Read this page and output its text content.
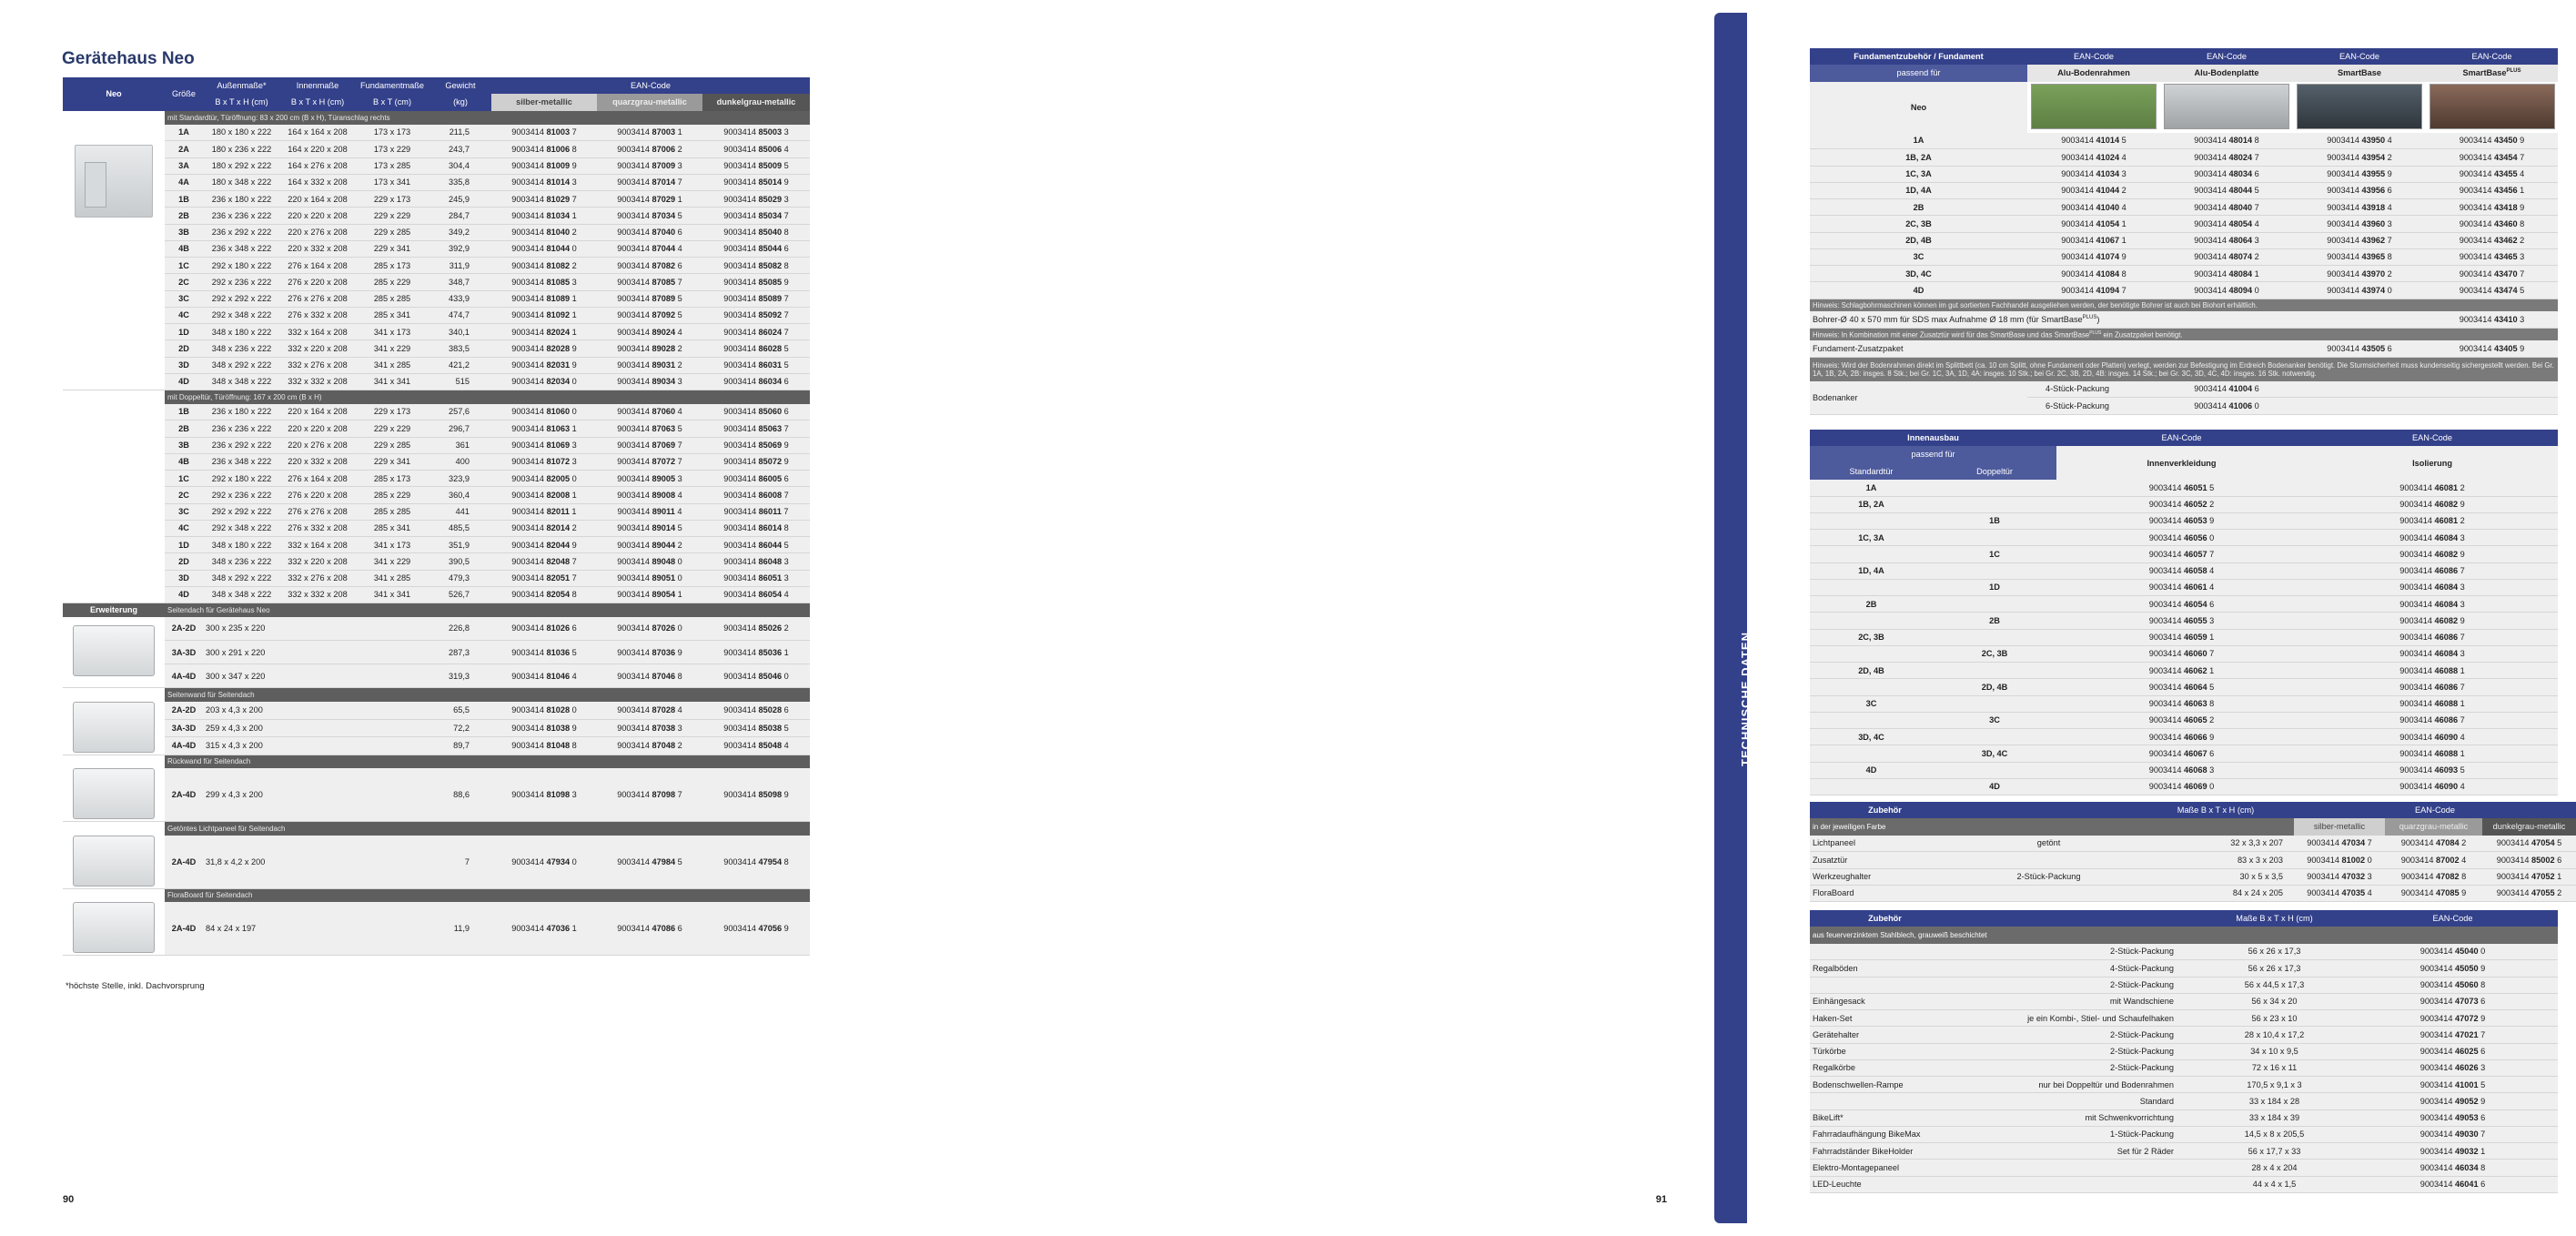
Gerätehaus Neo
Neo	Größe	Außenmaße*	Innenmaße	Fundamentmaße	Gewicht	EAN-Code		
		B x T x H (cm)	B x T x H (cm)	B x T (cm)	(kg)	silber-metallic	quarzgrau-metallic	dunkelgrau-metallic
	mit Standardtür, Türöffnung: 83 x 200 cm (B x H), Türanschlag rechts							
	1A	180 x 180 x 222	164 x 164 x 208	173 x 173	211,5	9003414 81003 7	9003414 87003 1	9003414 85003 3
	2A	180 x 236 x 222	164 x 220 x 208	173 x 229	243,7	9003414 81006 8	9003414 87006 2	9003414 85006 4
	3A	180 x 292 x 222	164 x 276 x 208	173 x 285	304,4	9003414 81009 9	9003414 87009 3	9003414 85009 5
	4A	180 x 348 x 222	164 x 332 x 208	173 x 341	335,8	9003414 81014 3	9003414 87014 7	9003414 85014 9
	1B	236 x 180 x 222	220 x 164 x 208	229 x 173	245,9	9003414 81029 7	9003414 87029 1	9003414 85029 3
	2B	236 x 236 x 222	220 x 220 x 208	229 x 229	284,7	9003414 81034 1	9003414 87034 5	9003414 85034 7
	3B	236 x 292 x 222	220 x 276 x 208	229 x 285	349,2	9003414 81040 2	9003414 87040 6	9003414 85040 8
	4B	236 x 348 x 222	220 x 332 x 208	229 x 341	392,9	9003414 81044 0	9003414 87044 4	9003414 85044 6
	1C	292 x 180 x 222	276 x 164 x 208	285 x 173	311,9	9003414 81082 2	9003414 87082 6	9003414 85082 8
	2C	292 x 236 x 222	276 x 220 x 208	285 x 229	348,7	9003414 81085 3	9003414 87085 7	9003414 85085 9
	3C	292 x 292 x 222	276 x 276 x 208	285 x 285	433,9	9003414 81089 1	9003414 87089 5	9003414 85089 7
	4C	292 x 348 x 222	276 x 332 x 208	285 x 341	474,7	9003414 81092 1	9003414 87092 5	9003414 85092 7
	1D	348 x 180 x 222	332 x 164 x 208	341 x 173	340,1	9003414 82024 1	9003414 89024 4	9003414 86024 7
	2D	348 x 236 x 222	332 x 220 x 208	341 x 229	383,5	9003414 82028 9	9003414 89028 2	9003414 86028 5
	3D	348 x 292 x 222	332 x 276 x 208	341 x 285	421,2	9003414 82031 9	9003414 89031 2	9003414 86031 5
	4D	348 x 348 x 222	332 x 332 x 208	341 x 341	515	9003414 82034 0	9003414 89034 3	9003414 86034 6
	mit Doppeltür, Türöffnung: 167 x 200 cm (B x H)							
	1B	236 x 180 x 222	220 x 164 x 208	229 x 173	257,6	9003414 81060 0	9003414 87060 4	9003414 85060 6
	2B	236 x 236 x 222	220 x 220 x 208	229 x 229	296,7	9003414 81063 1	9003414 87063 5	9003414 85063 7
	3B	236 x 292 x 222	220 x 276 x 208	229 x 285	361	9003414 81069 3	9003414 87069 7	9003414 85069 9
	4B	236 x 348 x 222	220 x 332 x 208	229 x 341	400	9003414 81072 3	9003414 87072 7	9003414 85072 9
	1C	292 x 180 x 222	276 x 164 x 208	285 x 173	323,9	9003414 82005 0	9003414 89005 3	9003414 86005 6
	2C	292 x 236 x 222	276 x 220 x 208	285 x 229	360,4	9003414 82008 1	9003414 89008 4	9003414 86008 7
	3C	292 x 292 x 222	276 x 276 x 208	285 x 285	441	9003414 82011 1	9003414 89011 4	9003414 86011 7
	4C	292 x 348 x 222	276 x 332 x 208	285 x 341	485,5	9003414 82014 2	9003414 89014 5	9003414 86014 8
	1D	348 x 180 x 222	332 x 164 x 208	341 x 173	351,9	9003414 82044 9	9003414 89044 2	9003414 86044 5
	2D	348 x 236 x 222	332 x 220 x 208	341 x 229	390,5	9003414 82048 7	9003414 89048 0	9003414 86048 3
	3D	348 x 292 x 222	332 x 276 x 208	341 x 285	479,3	9003414 82051 7	9003414 89051 0	9003414 86051 3
	4D	348 x 348 x 222	332 x 332 x 208	341 x 341	526,7	9003414 82054 8	9003414 89054 1	9003414 86054 4
Erweiterung	Seitendach für Gerätehaus Neo							
	2A-2D	300 x 235 x 220			226,8	9003414 81026 6	9003414 87026 0	9003414 85026 2
	3A-3D	300 x 291 x 220			287,3	9003414 81036 5	9003414 87036 9	9003414 85036 1
	4A-4D	300 x 347 x 220			319,3	9003414 81046 4	9003414 87046 8	9003414 85046 0
	Seitenwand für Seitendach							
	2A-2D	203 x 4,3 x 200			65,5	9003414 81028 0	9003414 87028 4	9003414 85028 6
	3A-3D	259 x 4,3 x 200			72,2	9003414 81038 9	9003414 87038 3	9003414 85038 5
	4A-4D	315 x 4,3 x 200			89,7	9003414 81048 8	9003414 87048 2	9003414 85048 4
	Rückwand für Seitendach							
	2A-4D	299 x 4,3 x 200			88,6	9003414 81098 3	9003414 87098 7	9003414 85098 9
	Getöntes Lichtpaneel für Seitendach							
	2A-4D	31,8 x 4,2 x 200			7	9003414 47934 0	9003414 47984 5	9003414 47954 8
	FloraBoard für Seitendach							
	2A-4D	84 x 24 x 197			11,9	9003414 47036 1	9003414 47086 6	9003414 47056 9
*höchste Stelle, inkl. Dachvorsprung
90
Fundamentzubehör / Fundament	EAN-Code	EAN-Code	EAN-Code	EAN-Code
passend für	Alu-Bodenrahmen	Alu-Bodenplatte	SmartBase	SmartBase$^{PLUS}$
Neo				
1A	9003414 41014 5	9003414 48014 8	9003414 43950 4	9003414 43450 9
1B, 2A	9003414 41024 4	9003414 48024 7	9003414 43954 2	9003414 43454 7
1C, 3A	9003414 41034 3	9003414 48034 6	9003414 43955 9	9003414 43455 4
1D, 4A	9003414 41044 2	9003414 48044 5	9003414 43956 6	9003414 43456 1
2B	9003414 41040 4	9003414 48040 7	9003414 43918 4	9003414 43418 9
2C, 3B	9003414 41054 1	9003414 48054 4	9003414 43960 3	9003414 43460 8
2D, 4B	9003414 41067 1	9003414 48064 3	9003414 43962 7	9003414 43462 2
3C	9003414 41074 9	9003414 48074 2	9003414 43965 8	9003414 43465 3
3D, 4C	9003414 41084 8	9003414 48084 1	9003414 43970 2	9003414 43470 7
4D	9003414 41094 7	9003414 48094 0	9003414 43974 0	9003414 43474 5
Hinweis: Schlagbohrmaschinen können im gut sortierten Fachhandel ausgeliehen werden, der benötigte Bohrer ist auch bei Biohort erhältlich.				
Bohrer-Ø 40 x 570 mm für SDS max Aufnahme Ø 18 mm (für SmartBase$^{PLUS}$)				9003414 43410 3
Hinweis: In Kombination mit einer Zusatztür wird für das SmartBase und das SmartBase$^{PLUS}$ ein Zusatzpaket benötigt.				
Fundament-Zusatzpaket			9003414 43505 6	9003414 43405 9
Hinweis: Wird der Bodenrahmen direkt im Splittbett (ca. 10 cm Splitt, ohne Fundament oder Platten) verlegt, werden zur Befestigung im Erdreich Bodenanker benötigt. Die Sturmsicherheit muss kundenseitig sichergestellt werden. Bei Gr. 1A, 1B, 2A, 2B: insges. 8 Stk.; bei Gr. 1C, 3A, 1D, 4A: insges. 10 Stk.; bei Gr. 2C, 3B, 2D, 4B: insges. 14 Stk.; bei Gr. 3C, 3D, 4C, 4D: insges. 16 Stk. notwendig.				
Bodenanker	4-Stück-Packung	9003414 41004 6		
	6-Stück-Packung	9003414 41006 0		
Innenausbau		EAN-Code	EAN-Code
passend für		Innenverkleidung	Isolierung
Standardtür	Doppeltür		
1A		9003414 46051 5	9003414 46081 2
1B, 2A		9003414 46052 2	9003414 46082 9
	1B	9003414 46053 9	9003414 46081 2
1C, 3A		9003414 46056 0	9003414 46084 3
	1C	9003414 46057 7	9003414 46082 9
1D, 4A		9003414 46058 4	9003414 46086 7
	1D	9003414 46061 4	9003414 46084 3
2B		9003414 46054 6	9003414 46084 3
	2B	9003414 46055 3	9003414 46082 9
2C, 3B		9003414 46059 1	9003414 46086 7
	2C, 3B	9003414 46060 7	9003414 46084 3
2D, 4B		9003414 46062 1	9003414 46088 1
	2D, 4B	9003414 46064 5	9003414 46086 7
3C		9003414 46063 8	9003414 46088 1
	3C	9003414 46065 2	9003414 46086 7
3D, 4C		9003414 46066 9	9003414 46090 4
	3D, 4C	9003414 46067 6	9003414 46088 1
4D		9003414 46068 3	9003414 46093 5
	4D	9003414 46069 0	9003414 46090 4
Zubehör		Maße B x T x H (cm)	EAN-Code		
in der jeweiligen Farbe			silber-metallic	quarzgrau-metallic	dunkelgrau-metallic
Lichtpaneel	getönt	32 x 3,3 x 207	9003414 47034 7	9003414 47084 2	9003414 47054 5
Zusatztür		83 x 3 x 203	9003414 81002 0	9003414 87002 4	9003414 85002 6
Werkzeughalter	2-Stück-Packung	30 x 5 x 3,5	9003414 47032 3	9003414 47082 8	9003414 47052 1
FloraBoard		84 x 24 x 205	9003414 47035 4	9003414 47085 9	9003414 47055 2
Zubehör		Maße B x T x H (cm)	EAN-Code
aus feuerverzinktem Stahlblech, grauweiß beschichtet			
	2-Stück-Packung	56 x 26 x 17,3	9003414 45040 0
Regalböden	4-Stück-Packung	56 x 26 x 17,3	9003414 45050 9
	2-Stück-Packung	56 x 44,5 x 17,3	9003414 45060 8
Einhängesack	mit Wandschiene	56 x 34 x 20	9003414 47073 6
Haken-Set	je ein Kombi-, Stiel- und Schaufelhaken	56 x 23 x 10	9003414 47072 9
Gerätehalter	2-Stück-Packung	28 x 10,4 x 17,2	9003414 47021 7
Türkörbe	2-Stück-Packung	34 x 10 x 9,5	9003414 46025 6
Regalkörbe	2-Stück-Packung	72 x 16 x 11	9003414 46026 3
Bodenschwellen-Rampe	nur bei Doppeltür und Bodenrahmen	170,5 x 9,1 x 3	9003414 41001 5
	Standard	33 x 184 x 28	9003414 49052 9
BikeLift*	mit Schwenkvorrichtung	33 x 184 x 39	9003414 49053 6
Fahrradaufhängung BikeMax	1-Stück-Packung	14,5 x 8 x 205,5	9003414 49030 7
Fahrradständer BikeHolder	Set für 2 Räder	56 x 17,7 x 33	9003414 49032 1
Elektro-Montagepaneel		28 x 4 x 204	9003414 46034 8
LED-Leuchte		44 x 4 x 1,5	9003414 46041 6
91
TECHNISCHE DATEN
